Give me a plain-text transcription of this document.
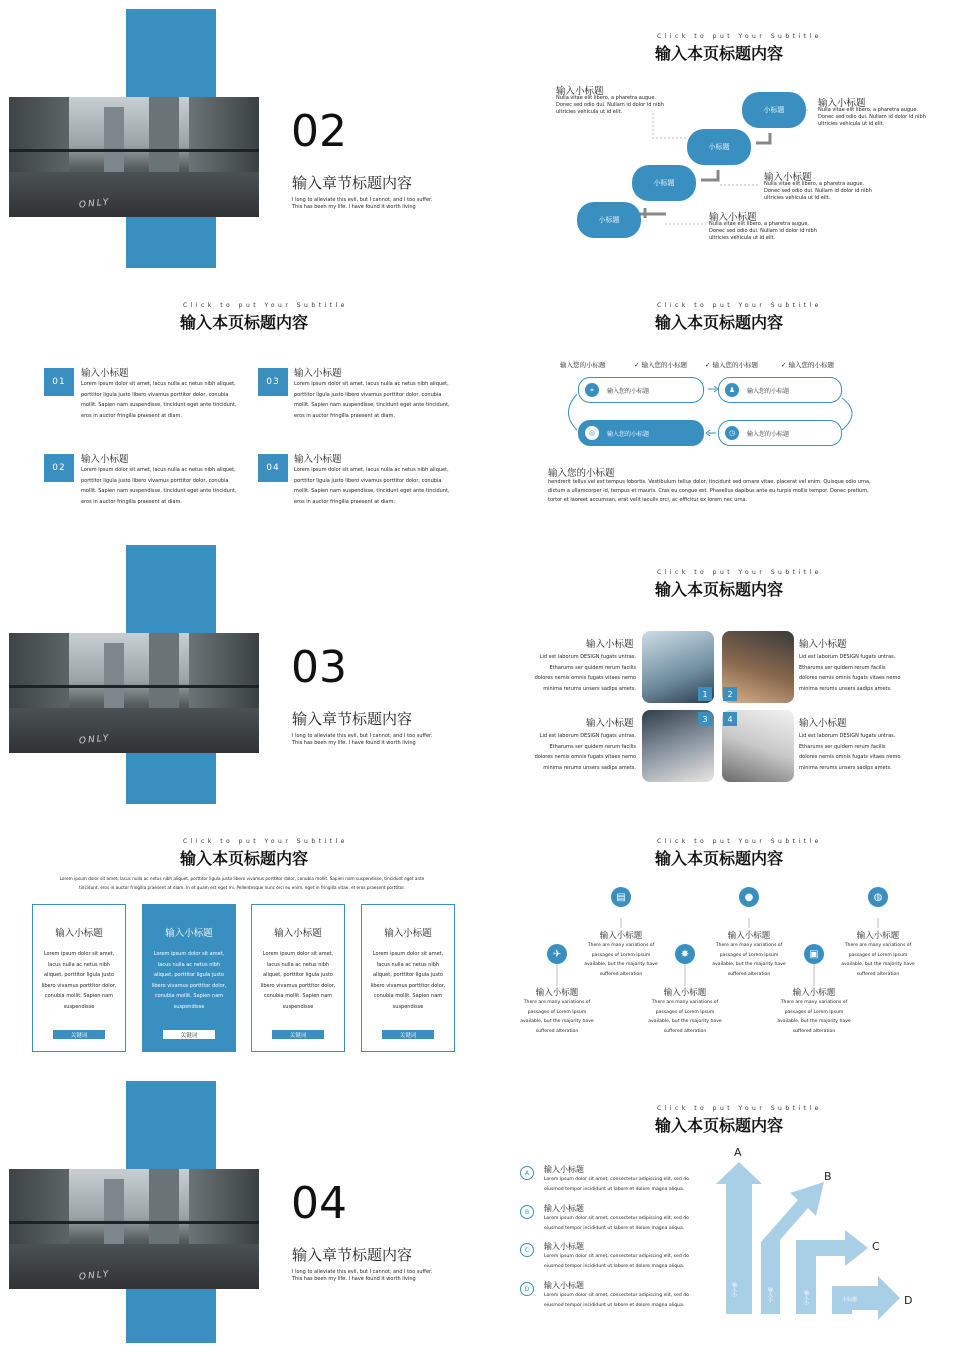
ONLY
02
输入章节标题内容
I long to alleviate this evil, but I cannot, and I too suffer. This has been my life. I have found it worth living
Click to put Your Subtitle
输入本页标题内容
小标题
小标题
小标题
小标题
输入小标题
Nulla vitae elit libero, a pharetra augue. Donec sed odio dui. Nullam id dolor id nibh ultricies vehicula ut id elit.
输入小标题
Nulla vitae elit libero, a pharetra augue. Donec sed odio dui. Nullam id dolor id nibh ultricies vehicula ut id elit.
输入小标题
Nulla vitae elit libero, a pharetra augue. Donec sed odio dui. Nullam id dolor id nibh ultricies vehicula ut id elit.
输入小标题
Nulla vitae elit libero, a pharetra augue. Donec sed odio dui. Nullam id dolor id nibh ultricies vehicula ut id elit.
Click to put Your Subtitle
输入本页标题内容
01
输入小标题
Lorem ipsum dolor sit amet, lacus nulla ac netus nibh aliquet, porttitor ligula justo libero vivamus porttitor dolor, conubia mollit. Sapien nam suspendisse, tincidunt eget ante tincidunt, eros in auctor fringilla praesent at diam.
03
输入小标题
Lorem ipsum dolor sit amet, lacus nulla ac netus nibh aliquet, porttitor ligula justo libero vivamus porttitor dolor, conubia mollit. Sapien nam suspendisse, tincidunt eget ante tincidunt, eros in auctor fringilla praesent at diam.
02
输入小标题
Lorem ipsum dolor sit amet, lacus nulla ac netus nibh aliquet, porttitor ligula justo libero vivamus porttitor dolor, conubia mollit. Sapien nam suspendisse, tincidunt eget ante tincidunt, eros in auctor fringilla praesent at diam.
04
输入小标题
Lorem ipsum dolor sit amet, lacus nulla ac netus nibh aliquet, porttitor ligula justo libero vivamus porttitor dolor, conubia mollit. Sapien nam suspendisse, tincidunt eget ante tincidunt, eros in auctor fringilla praesent at diam.
Click to put Your Subtitle
输入本页标题内容
输入您的小标题	✓ 输入您的小标题	✓ 输入您的小标题	✓ 输入您的小标题
⌖	输入您的小标题	♟	输入您的小标题
◎	输入您的小标题	◷	输入您的小标题
输入您的小标题
hendrerit tellus vel est tempus lobortis. Vestibulum tellus dolor, tincidunt sed ornare vitae, placerat vel enim. Quisque odio urna, dictum a ullamcorper id, tempus et mauris. Cras eu congue est. Phasellus dapibus ante eu turpis mollis tempor. Donec pretium, tortor et laoreet accumsan, erat velit iaculis orci, ac efficitur ex lorem nec urna.
ONLY
03
输入章节标题内容
I long to alleviate this evil, but I cannot, and I too suffer. This has been my life. I have found it worth living
Click to put Your Subtitle
输入本页标题内容
1	2
3	4
输入小标题
Lid est laborum DESIGN fugats untras. Etharums ser quidem rerum facilis dolores nemis omnis fugats vitaes nemo minima rerums unsers sadips amets.
输入小标题
Lid est laborum DESIGN fugats untras. Etharums ser quidem rerum facilis dolores nemis omnis fugats vitaes nemo minima rerums unsers sadips amets.
输入小标题
Lid est laborum DESIGN fugats untras. Etharums ser quidem rerum facilis dolores nemis omnis fugats vitaes nemo minima rerums unsers sadips amets.
输入小标题
Lid est laborum DESIGN fugats untras. Etharums ser quidem rerum facilis dolores nemis omnis fugats vitaes nemo minima rerums unsers sadips amets.
Click to put Your Subtitle
输入本页标题内容
Lorem ipsum dolor sit amet, lacus nulla ac netus nibh aliquet, porttitor ligula justo libero vivamus porttitor dolor, conubia mollit. Sapien nam suspendisse, tincidunt eget ante tincidunt, eros in auctor fringilla praesent at diam. In et quam est eget mi. Pellentesque nunc orci eu enim, eget in fringilla vitae, et eros praesent porttitor.
输入小标题
Lorem ipsum dolor sit amet, lacus nulla ac netus nibh aliquet, porttitor ligula justo libero vivamus porttitor dolor, conubia mollit. Sapien nam suspendisse
关键词
输入小标题
Lorem ipsum dolor sit amet, lacus nulla ac netus nibh aliquet, porttitor ligula justo libero vivamus porttitor dolor, conubia mollit. Sapien nam suspendisse
关键词
输入小标题
Lorem ipsum dolor sit amet, lacus nulla ac netus nibh aliquet, porttitor ligula justo libero vivamus porttitor dolor, conubia mollit. Sapien nam suspendisse
关键词
输入小标题
Lorem ipsum dolor sit amet, lacus nulla ac netus nibh aliquet, porttitor ligula justo libero vivamus porttitor dolor, conubia mollit. Sapien nam suspendisse
关键词
Click to put Your Subtitle
输入本页标题内容
▤	●	◍
✈	✸	▣
输入小标题
There are many variations of passages of Lorem Ipsum available, but the majority have suffered alteration
输入小标题
There are many variations of passages of Lorem Ipsum available, but the majority have suffered alteration
输入小标题
There are many variations of passages of Lorem Ipsum available, but the majority have suffered alteration
输入小标题
There are many variations of passages of Lorem Ipsum available, but the majority have suffered alteration
输入小标题
There are many variations of passages of Lorem Ipsum available, but the majority have suffered alteration
输入小标题
There are many variations of passages of Lorem Ipsum available, but the majority have suffered alteration
ONLY
04
输入章节标题内容
I long to alleviate this evil, but I cannot, and I too suffer. This has been my life. I have found it worth living
Click to put Your Subtitle
输入本页标题内容
A	输入小标题
Lorem ipsum dolor sit amet, consectetur adipiscing elit, sed do eiusmod tempor incididunt ut labore et dolore magna aliqua.
B	输入小标题
Lorem ipsum dolor sit amet, consectetur adipiscing elit, sed do eiusmod tempor incididunt ut labore et dolore magna aliqua.
C	输入小标题
Lorem ipsum dolor sit amet, consectetur adipiscing elit, sed do eiusmod tempor incididunt ut labore et dolore magna aliqua.
D	输入小标题
Lorem ipsum dolor sit amet, consectetur adipiscing elit, sed do eiusmod tempor incididunt ut labore et dolore magna aliqua.
A
B
C
D
输入小	输入小	输入小	小标题
